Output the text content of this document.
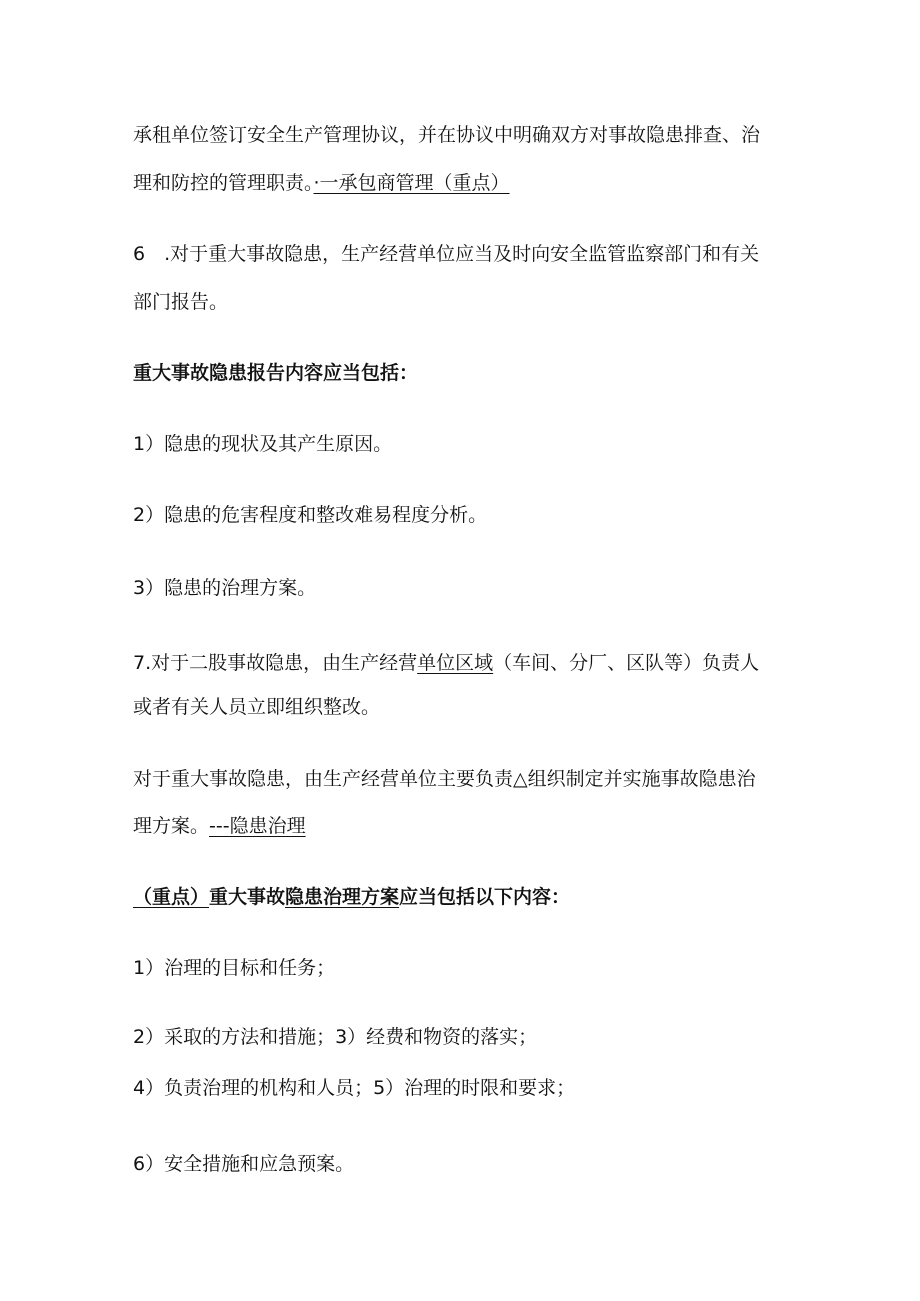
承租单位签订安全生产管理协议，并在协议中明确双方对事故隐患排查、治
理和防控的管理职责。·一承包商管理（重点）
6　.对于重大事故隐患，生产经营单位应当及时向安全监管监察部门和有关
部门报告。
重大事故隐患报告内容应当包括：
1）隐患的现状及其产生原因。
2）隐患的危害程度和整改难易程度分析。
3）隐患的治理方案。
7.对于二股事故隐患，由生产经营单位区域（车间、分厂、区队等）负责人
或者有关人员立即组织整改。
对于重大事故隐患，由生产经营单位主要负责△组织制定并实施事故隐患治
理方案。---隐患治理
（重点）重大事故隐患治理方案应当包括以下内容：
1）治理的目标和任务；
2）采取的方法和措施；3）经费和物资的落实；
4）负责治理的机构和人员；5）治理的时限和要求；
6）安全措施和应急预案。
